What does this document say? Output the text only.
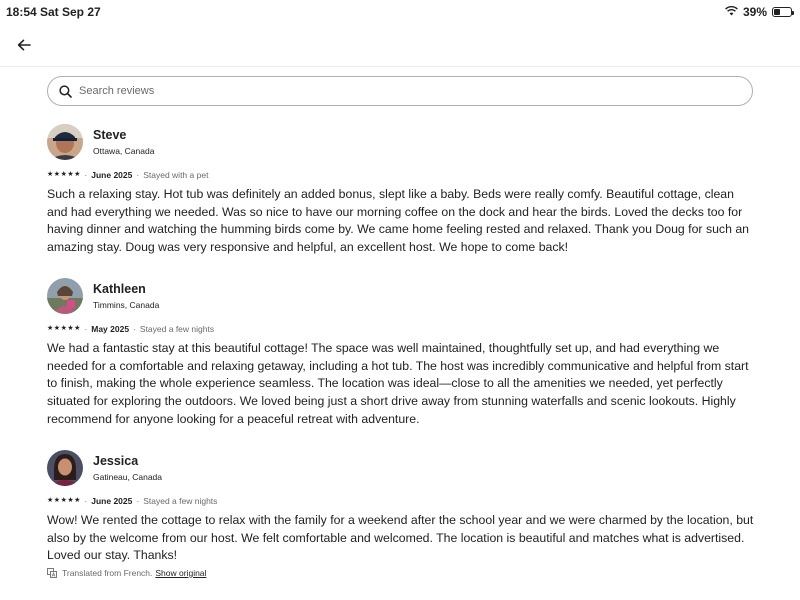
18:54 Sat Sep 27	39%
Search reviews
Steve
Ottawa, Canada
★ ★ ★ ★ ★ · June 2025 · Stayed with a pet

Such a relaxing stay. Hot tub was definitely an added bonus, slept like a baby. Beds were really comfy. Beautiful cottage, clean and had everything we needed. Was so nice to have our morning coffee on the dock and hear the birds. Loved the decks too for having dinner and watching the humming birds come by. We came home feeling rested and relaxed. Thank you Doug for such an amazing stay. Doug was very responsive and helpful, an excellent host. We hope to come back!

Kathleen
Timmins, Canada
★ ★ ★ ★ ★ · May 2025 · Stayed a few nights

We had a fantastic stay at this beautiful cottage! The space was well maintained, thoughtfully set up, and had everything we needed for a comfortable and relaxing getaway, including a hot tub. The host was incredibly communicative and helpful from start to finish, making the whole experience seamless. The location was ideal—close to all the amenities we needed, yet perfectly situated for exploring the outdoors. We loved being just a short drive away from stunning waterfalls and scenic lookouts. Highly recommend for anyone looking for a peaceful retreat with adventure.

Jessica
Gatineau, Canada
★ ★ ★ ★ ★ · June 2025 · Stayed a few nights

Wow! We rented the cottage to relax with the family for a weekend after the school year and we were charmed by the location, but also by the welcome from our host. We felt comfortable and welcomed. The location is beautiful and matches what is advertised. Loved our stay. Thanks!

Translated from French. Show original
